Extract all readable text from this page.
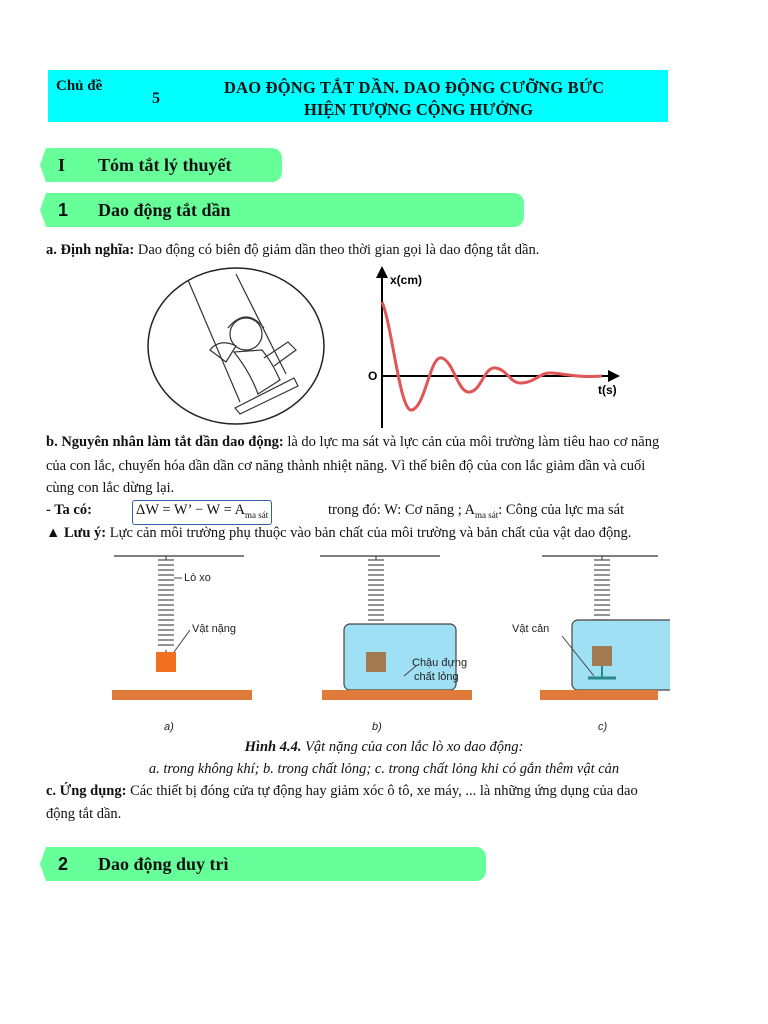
Chủ đề
5
DAO ĐỘNG TẮT DẦN. DAO ĐỘNG CƯỠNG BỨC
HIỆN TƯỢNG CỘNG HƯỞNG
I Tóm tắt lý thuyết
1 Dao động tắt dần

a. Định nghĩa: Dao động có biên độ giảm dần theo thời gian gọi là dao động tắt dần.

x(cm)
t(s)
O

b. Nguyên nhân làm tắt dần dao động: là do lực ma sát và lực cản của môi trường làm tiêu hao cơ năng

của con lắc, chuyển hóa dần dần cơ năng thành nhiệt năng. Vì thế biên độ của con lắc giảm dần và cuối

cùng con lắc dừng lại.

- Ta có:	ΔW = W’ − $W = A_{ma sát}$	trong đó: W: Cơ năng ; $A_{ma sát}$: Công của lực ma sát

▲ Lưu ý: Lực cản môi trường phụ thuộc vào bản chất của môi trường và bản chất của vật dao động.

Lò xo
Vật nặng
Chậu đựng
chất lỏng
Vật cản
a)	b)	c)

Hình 4.4. Vật nặng của con lắc lò xo dao động:

a. trong không khí; b. trong chất lỏng; c. trong chất lỏng khi có gắn thêm vật cản

c. Ứng dụng: Các thiết bị đóng cửa tự động hay giảm xóc ô tô, xe máy, ... là những ứng dụng của dao

động tắt dần.

2 Dao động duy trì
